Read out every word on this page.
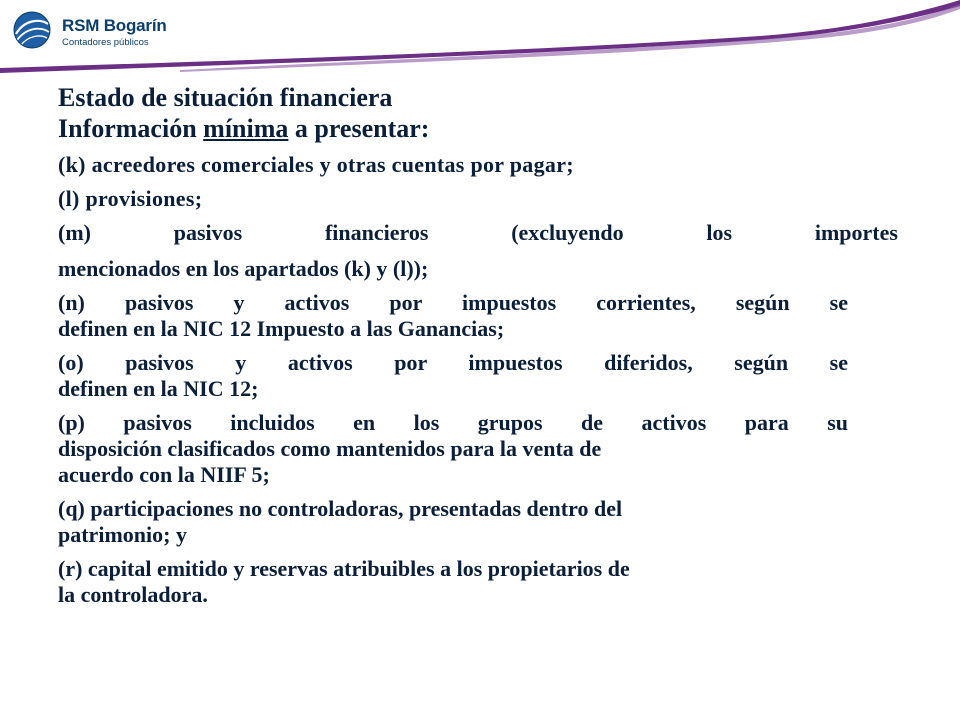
RSM Bogarín
Contadores públicos

Estado de situación financiera
Información mínima a presentar:

(k) acreedores comerciales y otras cuentas por pagar;

(l) provisiones;

(m)	pasivos	financieros	(excluyendo	los	importes
mencionados en los apartados (k) y (l));
(n) pasivos y activos por impuestos corrientes, según se
definen en la NIC 12 Impuesto a las Ganancias;
(o) pasivos y activos por impuestos diferidos, según se
definen en la NIC 12;
(p) pasivos incluidos en los grupos de activos para su
disposición clasificados como mantenidos para la venta de
acuerdo con la NIIF 5;
(q) participaciones no controladoras, presentadas dentro del
patrimonio; y
(r) capital emitido y reservas atribuibles a los propietarios de
la controladora.
